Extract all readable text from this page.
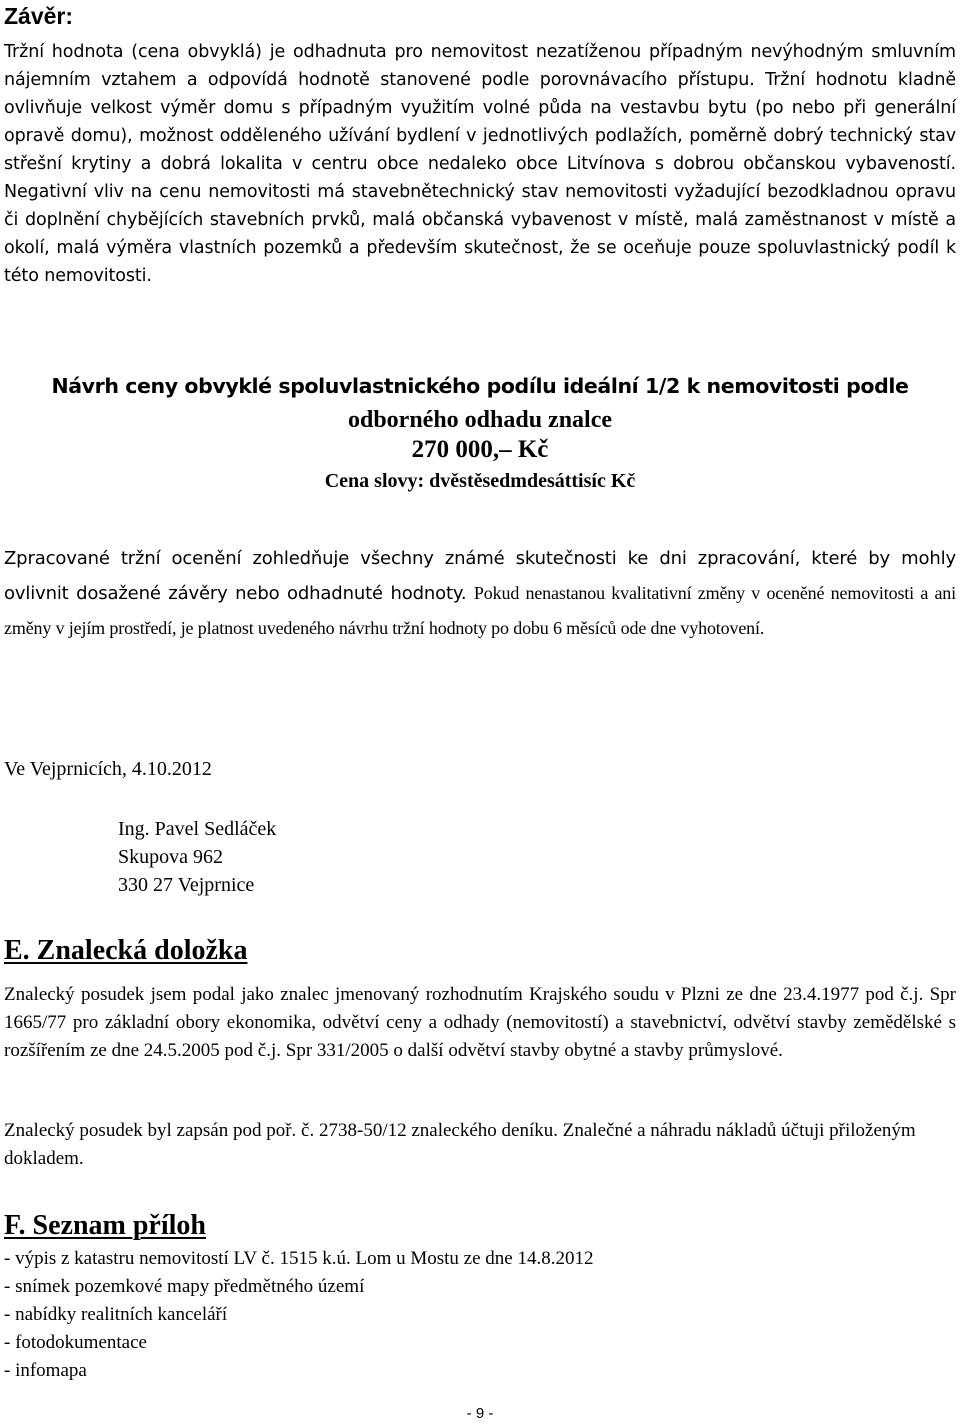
Závěr:
Tržní hodnota (cena obvyklá) je odhadnuta pro nemovitost nezatíženou případným nevýhodným smluvním nájemním vztahem a odpovídá hodnotě stanovené podle porovnávacího přístupu. Tržní hodnotu kladně ovlivňuje velkost výměr domu s případným využitím volné půda na vestavbu bytu (po nebo při generální opravě domu), možnost odděleného užívání bydlení v jednotlivých podlažích, poměrně dobrý technický stav střešní krytiny a dobrá lokalita v centru obce nedaleko obce Litvínova s dobrou občanskou vybaveností. Negativní vliv na cenu nemovitosti má stavebnětechnický stav nemovitosti vyžadující bezodkladnou opravu či doplnění chybějících stavebních prvků, malá občanská vybavenost v místě, malá zaměstnanost v místě a okolí, malá výměra vlastních pozemků a především skutečnost, že se oceňuje pouze spoluvlastnický podíl k této nemovitosti.
Návrh ceny obvyklé spoluvlastnického podílu ideální 1/2 k nemovitosti podle
odborného odhadu znalce
270 000,– Kč
Cena slovy: dvěstěsedmdesáttisíc Kč
Zpracované tržní ocenění zohledňuje všechny známé skutečnosti ke dni zpracování, které by mohly ovlivnit dosažené závěry nebo odhadnuté hodnoty. Pokud nenastanou kvalitativní změny v oceněné nemovitosti a ani změny v jejím prostředí, je platnost uvedeného návrhu tržní hodnoty po dobu 6 měsíců ode dne vyhotovení.
Ve Vejprnicích, 4.10.2012
Ing. Pavel Sedláček
Skupova 962
330 27 Vejprnice
E. Znalecká doložka
Znalecký posudek jsem podal jako znalec jmenovaný rozhodnutím Krajského soudu v Plzni ze dne 23.4.1977 pod č.j. Spr 1665/77 pro základní obory ekonomika, odvětví ceny a odhady (nemovitostí) a stavebnictví, odvětví stavby zemědělské s rozšířením ze dne 24.5.2005 pod č.j. Spr 331/2005 o další odvětví stavby obytné a stavby průmyslové.
Znalecký posudek byl zapsán pod poř. č. 2738-50/12 znaleckého deníku. Znalečné a náhradu nákladů účtuji přiloženým dokladem.
F. Seznam příloh
- výpis z katastru nemovitostí LV č. 1515 k.ú. Lom u Mostu ze dne 14.8.2012
- snímek pozemkové mapy předmětného území
- nabídky realitních kanceláří
- fotodokumentace
- infomapa
- 9 -
